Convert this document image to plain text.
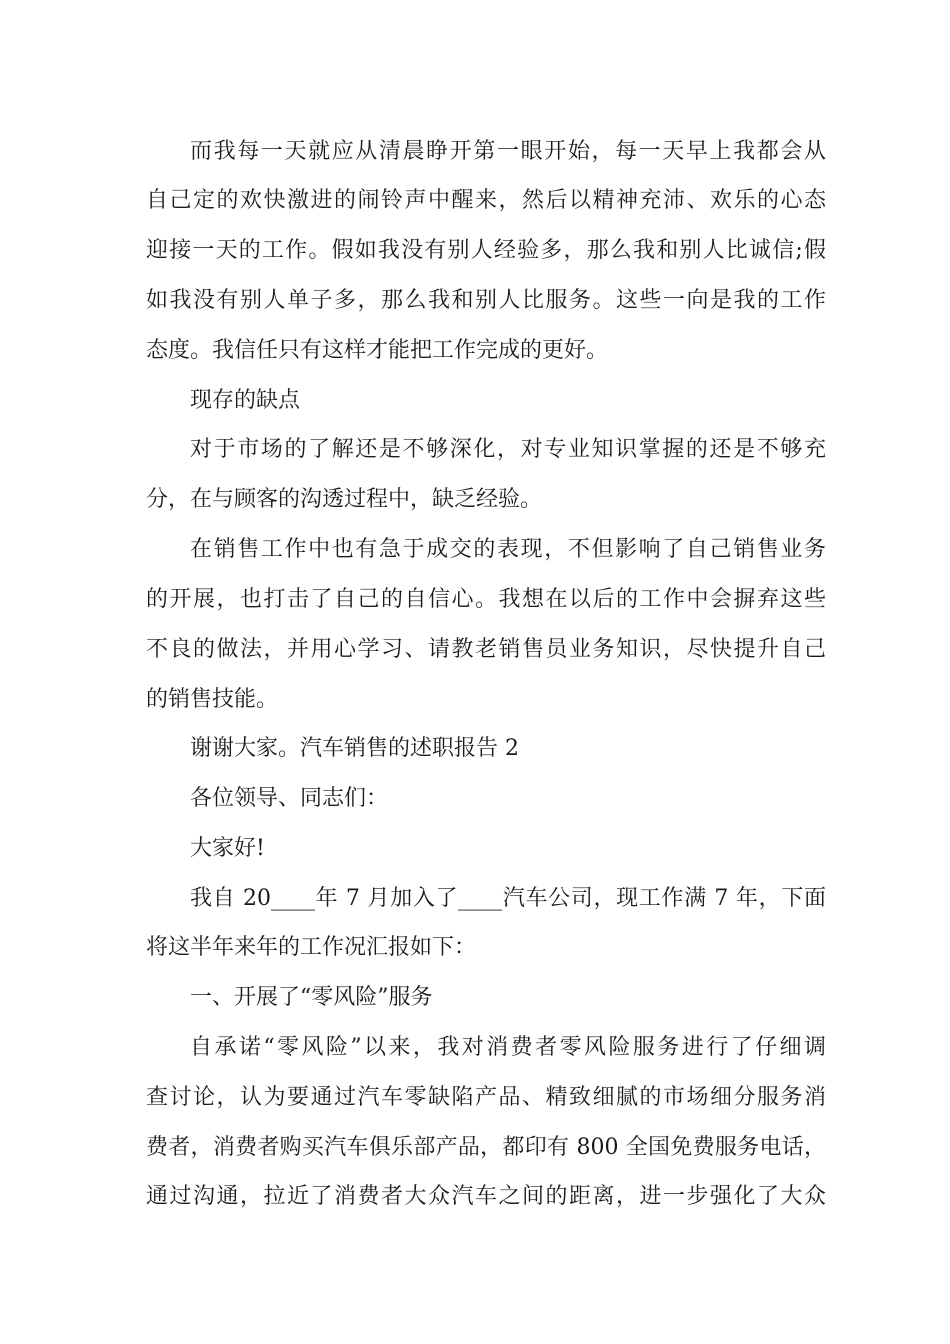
而我每一天就应从清晨睁开第一眼开始，每一天早上我都会从
自己定的欢快激进的闹铃声中醒来，然后以精神充沛、欢乐的心态
迎接一天的工作。假如我没有别人经验多，那么我和别人比诚信;假
如我没有别人单子多，那么我和别人比服务。这些一向是我的工作
态度。我信任只有这样才能把工作完成的更好。
现存的缺点
对于市场的了解还是不够深化，对专业知识掌握的还是不够充
分，在与顾客的沟透过程中，缺乏经验。
在销售工作中也有急于成交的表现，不但影响了自己销售业务
的开展，也打击了自己的自信心。我想在以后的工作中会摒弃这些
不良的做法，并用心学习、请教老销售员业务知识，尽快提升自己
的销售技能。
谢谢大家。汽车销售的述职报告 2
各位领导、同志们：
大家好!
我自 20____年 7 月加入了____汽车公司，现工作满 7 年，下面
将这半年来年的工作况汇报如下：
一、开展了“零风险”服务
自承诺“零风险”以来，我对消费者零风险服务进行了仔细调
查讨论，认为要通过汽车零缺陷产品、精致细腻的市场细分服务消
费者，消费者购买汽车俱乐部产品，都印有 800 全国免费服务电话，
通过沟通，拉近了消费者大众汽车之间的距离，进一步强化了大众
